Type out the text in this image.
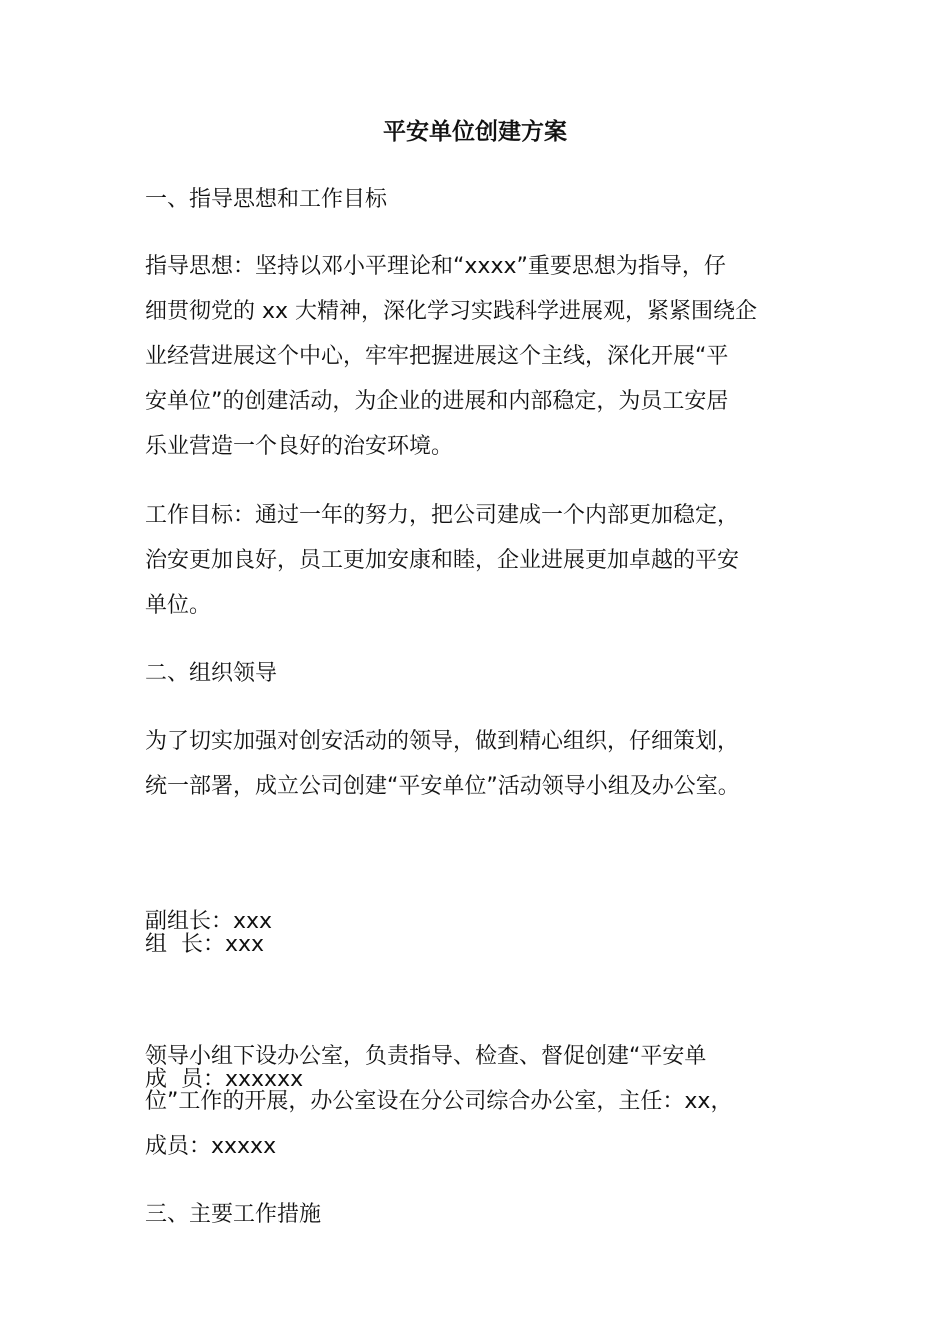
平安单位创建方案

一、指导思想和工作目标

指导思想：坚持以邓小平理论和“xxxx”重要思想为指导，仔
细贯彻党的 xx 大精神，深化学习实践科学进展观，紧紧围绕企
业经营进展这个中心，牢牢把握进展这个主线，深化开展“平
安单位”的创建活动，为企业的进展和内部稳定，为员工安居
乐业营造一个良好的治安环境。

工作目标：通过一年的努力，把公司建成一个内部更加稳定，
治安更加良好，员工更加安康和睦，企业进展更加卓越的平安
单位。

二、组织领导

为了切实加强对创安活动的领导，做到精心组织，仔细策划，
统一部署，成立公司创建“平安单位”活动领导小组及办公室。

组  长：xxx

副组长：xxx

成  员：xxxxxx

领导小组下设办公室，负责指导、检查、督促创建“平安单
位”工作的开展，办公室设在分公司综合办公室，主任：xx，
成员：xxxxx

三、主要工作措施
